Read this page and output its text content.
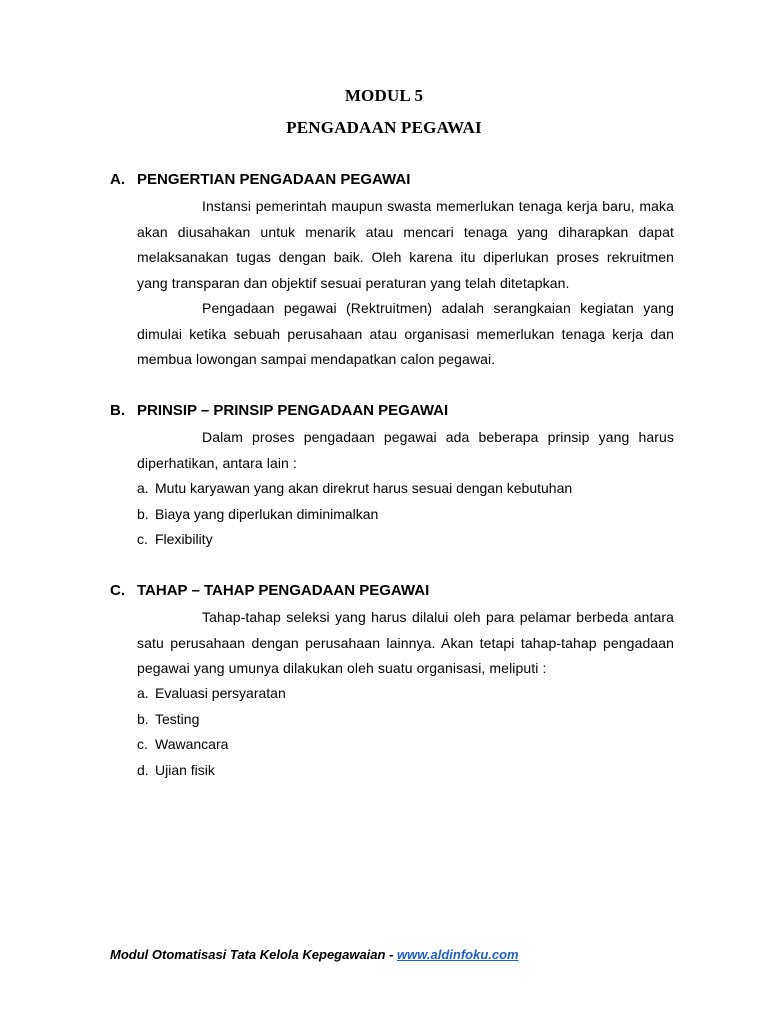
MODUL 5
PENGADAAN PEGAWAI
A. PENGERTIAN PENGADAAN PEGAWAI

Instansi pemerintah maupun swasta memerlukan tenaga kerja baru, maka akan diusahakan untuk menarik atau mencari tenaga yang diharapkan dapat melaksanakan tugas dengan baik. Oleh karena itu diperlukan proses rekruitmen yang transparan dan objektif sesuai peraturan yang telah ditetapkan.

Pengadaan pegawai (Rektruitmen) adalah serangkaian kegiatan yang dimulai ketika sebuah perusahaan atau organisasi memerlukan tenaga kerja dan membua lowongan sampai mendapatkan calon pegawai.

B. PRINSIP – PRINSIP PENGADAAN PEGAWAI

Dalam proses pengadaan pegawai ada beberapa prinsip yang harus diperhatikan, antara lain :

a. Mutu karyawan yang akan direkrut harus sesuai dengan kebutuhan
b. Biaya yang diperlukan diminimalkan
c. Flexibility
C. TAHAP – TAHAP PENGADAAN PEGAWAI

Tahap-tahap seleksi yang harus dilalui oleh para pelamar berbeda antara satu perusahaan dengan perusahaan lainnya. Akan tetapi tahap-tahap pengadaan pegawai yang umunya dilakukan oleh suatu organisasi, meliputi :

a. Evaluasi persyaratan
b. Testing
c. Wawancara
d. Ujian fisik
Modul Otomatisasi Tata Kelola Kepegawaian - www.aldinfoku.com
